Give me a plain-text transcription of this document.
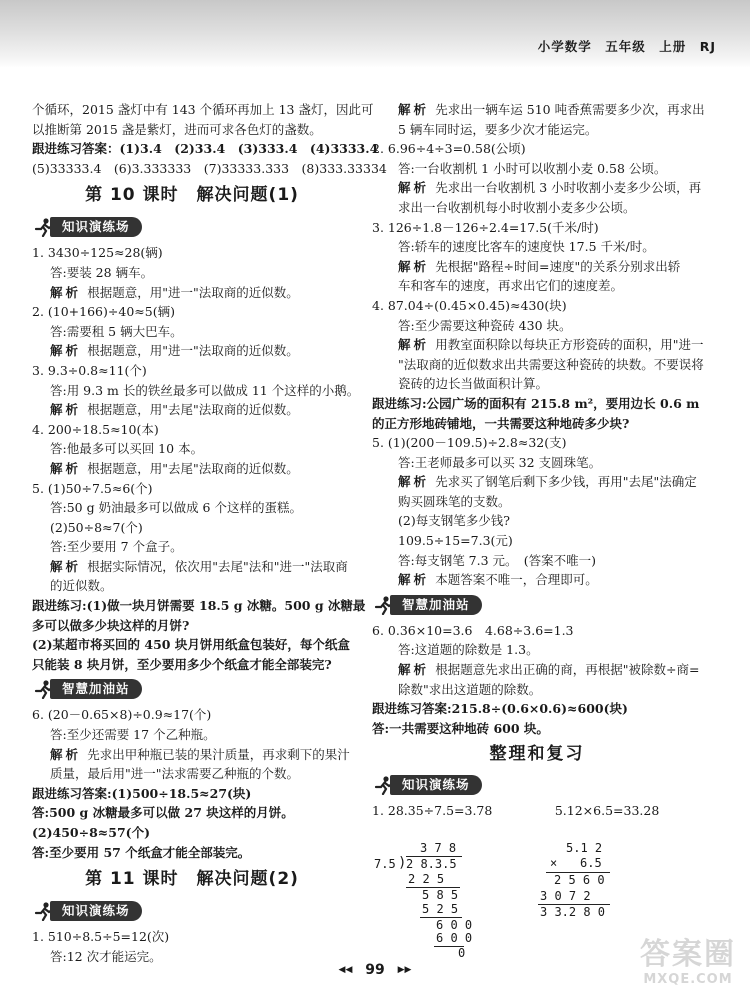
小学数学　五年级　上册　RJ
个循环，2015 盏灯中有 143 个循环再加上 13 盏灯，因此可
以推断第 2015 盏是紫灯，进而可求各色灯的盏数。
跟进练习答案：(1)3.4　(2)33.4　(3)333.4　(4)3333.4
(5)33333.4　(6)3.333333　(7)33333.333　(8)333.33334
第 10 课时　解决问题(1)
知识演练场
1. 3430÷125≈28(辆)
答:要装 28 辆车。
解析  根据题意，用"进一"法取商的近似数。
2. (10+166)÷40≈5(辆)
答:需要租 5 辆大巴车。
解析  根据题意，用"进一"法取商的近似数。
3. 9.3÷0.8≈11(个)
答:用 9.3 m 长的铁丝最多可以做成 11 个这样的小鹅。
解析  根据题意，用"去尾"法取商的近似数。
4. 200÷18.5≈10(本)
答:他最多可以买回 10 本。
解析  根据题意，用"去尾"法取商的近似数。
5. (1)50÷7.5≈6(个)
答:50 g 奶油最多可以做成 6 个这样的蛋糕。
(2)50÷8≈7(个)
答:至少要用 7 个盒子。
解析  根据实际情况，依次用"去尾"法和"进一"法取商
的近似数。
跟进练习:(1)做一块月饼需要 18.5 g 冰糖。500 g 冰糖最
多可以做多少块这样的月饼?
(2)某超市将买回的 450 块月饼用纸盒包装好，每个纸盒
只能装 8 块月饼，至少要用多少个纸盒才能全部装完?
智慧加油站
6. (20－0.65×8)÷0.9≈17(个)
答:至少还需要 17 个乙种瓶。
解析  先求出甲种瓶已装的果汁质量，再求剩下的果汁
质量，最后用"进一"法求需要乙种瓶的个数。
跟进练习答案:(1)500÷18.5≈27(块)
答:500 g 冰糖最多可以做 27 块这样的月饼。
(2)450÷8≈57(个)
答:至少要用 57 个纸盒才能全部装完。
第 11 课时　解决问题(2)
知识演练场
1. 510÷8.5÷5=12(次)
答:12 次才能运完。
解析  先求出一辆车运 510 吨香蕉需要多少次，再求出
5 辆车同时运，要多少次才能运完。
2. 6.96÷4÷3=0.58(公顷)
答:一台收割机 1 小时可以收割小麦 0.58 公顷。
解析  先求出一台收割机 3 小时收割小麦多少公顷，再
求出一台收割机每小时收割小麦多少公顷。
3. 126÷1.8－126÷2.4=17.5(千米/时)
答:轿车的速度比客车的速度快 17.5 千米/时。
解析  先根据"路程÷时间=速度"的关系分别求出轿
车和客车的速度，再求出它们的速度差。
4. 87.04÷(0.45×0.45)≈430(块)
答:至少需要这种瓷砖 430 块。
解析  用教室面积除以每块正方形瓷砖的面积，用"进一
"法取商的近似数求出共需要这种瓷砖的块数。不要误将
瓷砖的边长当做面积计算。
跟进练习:公园广场的面积有 215.8 m²，要用边长 0.6 m
的正方形地砖铺地，一共需要这种地砖多少块?
5. (1)(200－109.5)÷2.8≈32(支)
答:王老师最多可以买 32 支圆珠笔。
解析  先求买了钢笔后剩下多少钱，再用"去尾"法确定
购买圆珠笔的支数。
(2)每支钢笔多少钱?
109.5÷15=7.3(元)
答:每支钢笔 7.3 元。　(答案不唯一)
解析  本题答案不唯一，合理即可。
智慧加油站
6. 0.36×10=3.6　4.68÷3.6=1.3
答:这道题的除数是 1.3。
解析  根据题意先求出正确的商，再根据"被除数÷商=
除数"求出这道题的除数。
跟进练习答案:215.8÷(0.6×0.6)≈600(块)
答:一共需要这种地砖 600 块。
整理和复习
知识演练场
1. 28.35÷7.5=3.78　　　　　5.12×6.5=33.28
3 7 8
7.5 ) 2 8.3.5
2 2 5
5 8 5
5 2 5
6 0 0
6 0 0
0
5.1 2
× 6.5
2 5 6 0
3 0 7 2
3 3.2 8 0
◀◀ 99 ▶▶	答案圈
MXQE.COM
